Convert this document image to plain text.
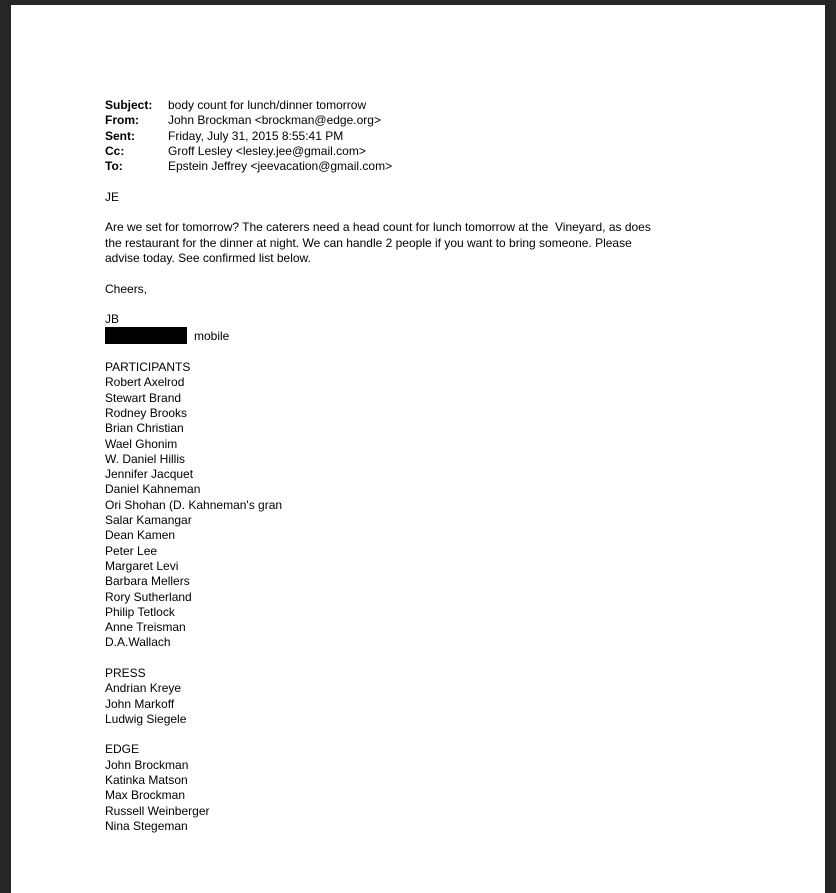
Subject:	body count for lunch/dinner tomorrow
From:	John Brockman <brockman@edge.org>
Sent:	Friday, July 31, 2015 8:55:41 PM
Cc:	Groff Lesley <lesley.jee@gmail.com>
To:	Epstein Jeffrey <jeevacation@gmail.com>
JE
Are we set for tomorrow? The caterers need a head count for lunch tomorrow at the  Vineyard, as does
the restaurant for the dinner at night. We can handle 2 people if you want to bring someone. Please
advise today. See confirmed list below.
Cheers,
JB
mobile
PARTICIPANTS
Robert Axelrod
Stewart Brand
Rodney Brooks
Brian Christian
Wael Ghonim
W. Daniel Hillis
Jennifer Jacquet
Daniel Kahneman
Ori Shohan (D. Kahneman's gran
Salar Kamangar
Dean Kamen
Peter Lee
Margaret Levi
Barbara Mellers
Rory Sutherland
Philip Tetlock
Anne Treisman
D.A.Wallach
PRESS
Andrian Kreye
John Markoff
Ludwig Siegele
EDGE
John Brockman
Katinka Matson
Max Brockman
Russell Weinberger
Nina Stegeman
